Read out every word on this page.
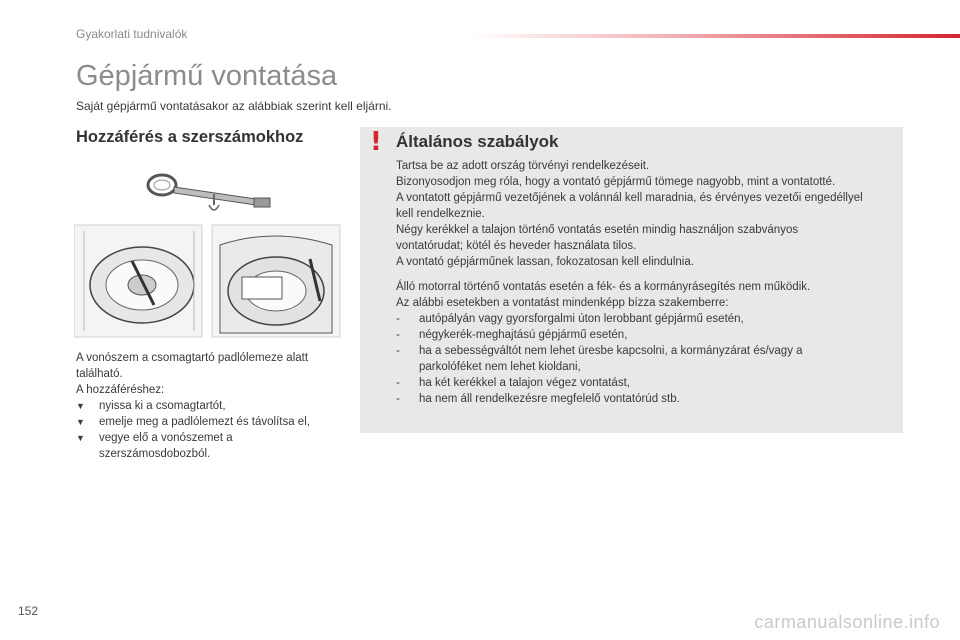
Gyakorlati tudnivalók
Gépjármű vontatása
Saját gépjármű vontatásakor az alábbiak szerint kell eljárni.
Hozzáférés a szerszámokhoz

A vonószem a csomagtartó padlólemeze alatt

található.

A hozzáféréshez:

▼ nyissa ki a csomagtartót,
▼ emelje meg a padlólemezt és távolítsa el,
▼ vegye elő a vonószemet a
szerszámosdobozból.
! Általános szabályok

Tartsa be az adott ország törvényi rendelkezéseit.

Bizonyosodjon meg róla, hogy a vontató gépjármű tömege nagyobb, mint a vontatotté.

A vontatott gépjármű vezetőjének a volánnál kell maradnia, és érvényes vezetői engedéllyel

kell rendelkeznie.

Négy kerékkel a talajon történő vontatás esetén mindig használjon szabványos

vontatórudat; kötél és heveder használata tilos.

A vontató gépjárműnek lassan, fokozatosan kell elindulnia.

Álló motorral történő vontatás esetén a fék- és a kormányrásegítés nem működik.

Az alábbi esetekben a vontatást mindenképp bízza szakemberre:

- autópályán vagy gyorsforgalmi úton lerobbant gépjármű esetén,
- négykerék-meghajtású gépjármű esetén,
- ha a sebességváltót nem lehet üresbe kapcsolni, a kormányzárat és/vagy a
parkolóféket nem lehet kioldani,
- ha két kerékkel a talajon végez vontatást,
- ha nem áll rendelkezésre megfelelő vontatórúd stb.
152
carmanualsonline.info
